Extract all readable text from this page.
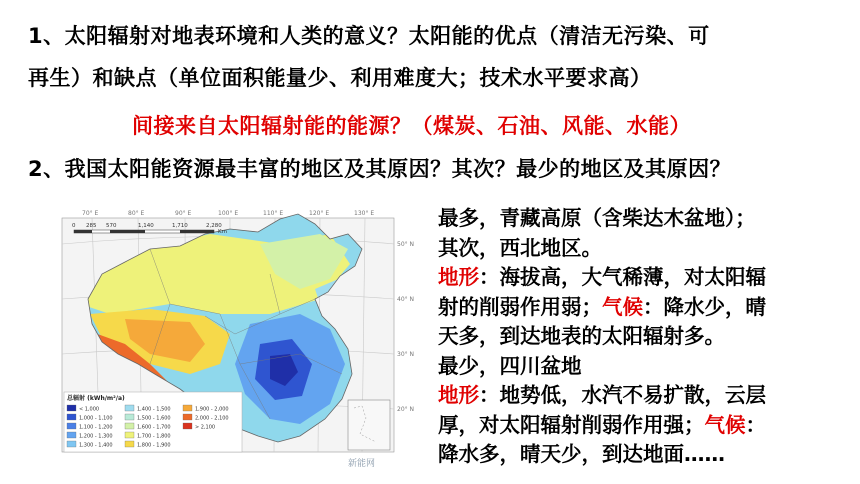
1、太阳辐射对地表环境和人类的意义？太阳能的优点（清洁无污染、可
再生）和缺点（单位面积能量少、利用难度大；技术水平要求高）
间接来自太阳辐射能的能源？（煤炭、石油、风能、水能）
2、我国太阳能资源最丰富的地区及其原因？其次？最少的地区及其原因？
70° E	80° E	90° E	100° E	110° E	120° E	130° E
50° N
40° N
30° N
20° N
0 285 570	1,140	1,710	2,280
Km
总辐射 (kWh/m²/a)
< 1,000
1,000 - 1,100
1,100 - 1,200
1,200 - 1,300
1,300 - 1,400
1,400 - 1,500
1,500 - 1,600
1,600 - 1,700
1,700 - 1,800
1,800 - 1,900
1,900 - 2,000
2,000 - 2,100
> 2,100
新能网
最多，青藏高原（含柴达木盆地）；
其次，西北地区。
地形：海拔高，大气稀薄，对太阳辐
射的削弱作用弱；气候：降水少，晴
天多，到达地表的太阳辐射多。
最少，四川盆地
地形：地势低，水汽不易扩散，云层
厚，对太阳辐射削弱作用强；气候：
降水多，晴天少，到达地面……
